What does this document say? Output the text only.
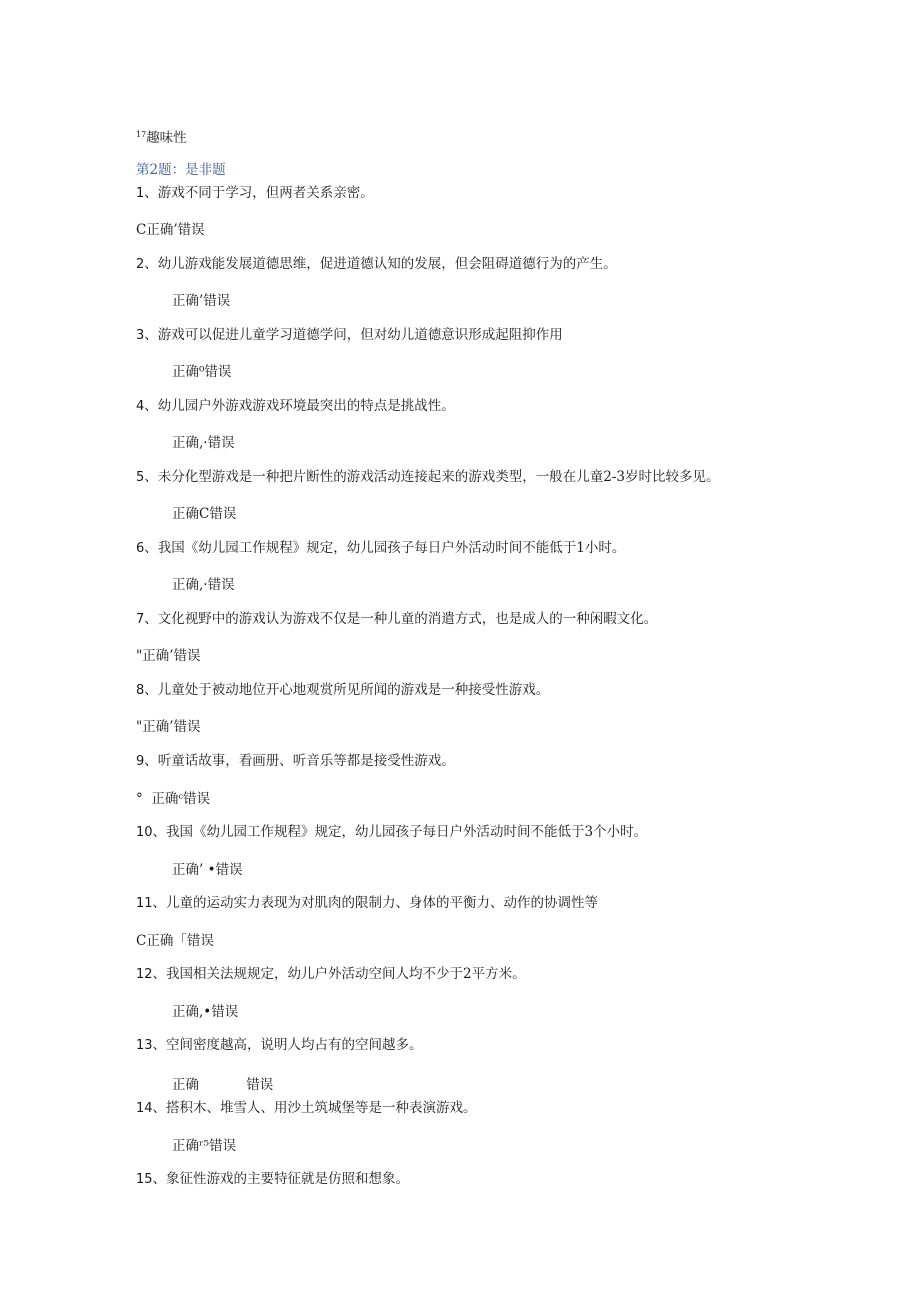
$^{17}$趣味性
第2题：是非题
1、游戏不同于学习，但两者关系亲密。
C正确’错误
2、幼儿游戏能发展道德思维，促进道德认知的发展，但会阻碍道德行为的产生。
正确’错误
3、游戏可以促进儿童学习道德学问，但对幼儿道德意识形成起阻抑作用
正确⁰错误
4、幼儿园户外游戏游戏环境最突出的特点是挑战性。
正确,·错误
5、未分化型游戏是一种把片断性的游戏活动连接起来的游戏类型，一般在儿童2-3岁时比较多见。
正确C错误
6、我国《幼儿园工作规程》规定，幼儿园孩子每日户外活动时间不能低于1小时。
正确,·错误
7、文化视野中的游戏认为游戏不仅是一种儿童的消遣方式，也是成人的一种闲暇文化。
"正确’错误
8、儿童处于被动地位开心地观赏所见所闻的游戏是一种接受性游戏。
"正确’错误
9、听童话故事，看画册、听音乐等都是接受性游戏。
°  正确ᶜ错误
10、我国《幼儿园工作规程》规定，幼儿园孩子每日户外活动时间不能低于3个小时。
正确’ •错误
11、儿童的运动实力表现为对肌肉的限制力、身体的平衡力、动作的协调性等
C正确「错误
12、我国相关法规规定，幼儿户外活动空间人均不少于2平方米。
正确,•错误
13、空间密度越高，说明人均占有的空间越多。
正确           错误
14、搭积木、堆雪人、用沙土筑城堡等是一种表演游戏。
正确ʳ⁵错误
15、象征性游戏的主要特征就是仿照和想象。
